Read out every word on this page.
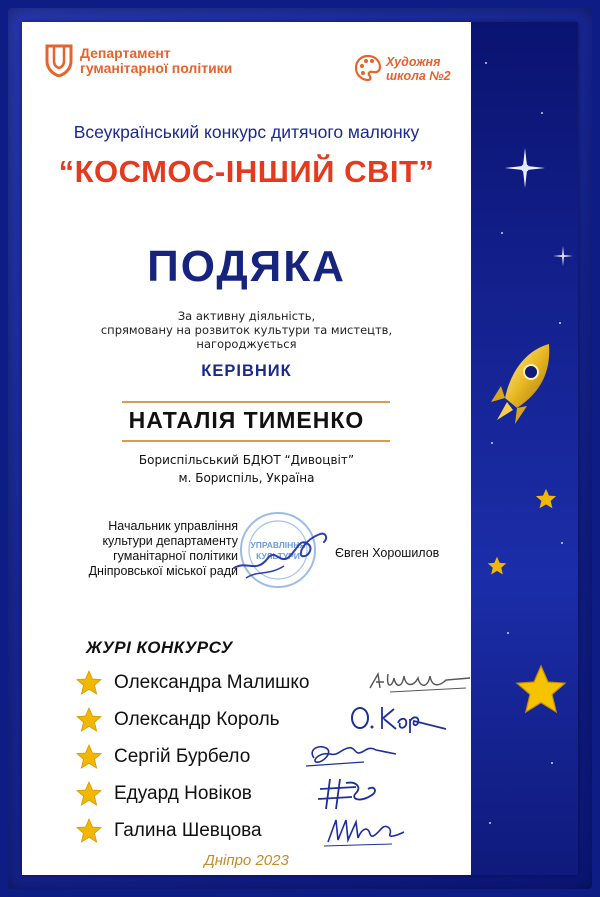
Департамент
гуманітарної політики	Художня
школа №2
Всеукраїнський конкурс дитячого малюнку
“КОСМОС-ІНШИЙ СВІТ”
ПОДЯКА
За активну діяльність,
спрямовану на розвиток культури та мистецтв,
нагороджується
КЕРІВНИК
НАТАЛІЯ ТИМЕНКО
Бориспільський БДЮТ “Дивоцвіт”
м. Бориспіль, Україна
Начальник управління
культури департаменту
гуманітарної політики
Дніпровської міської ради
УПРАВЛІННЯ
КУЛЬТУРИ	Євген Хорошилов
ЖУРІ КОНКУРСУ
Олександра Малишко
Олександр Король
Сергій Бурбело
Едуард Новіков
Галина Шевцова
Дніпро 2023
